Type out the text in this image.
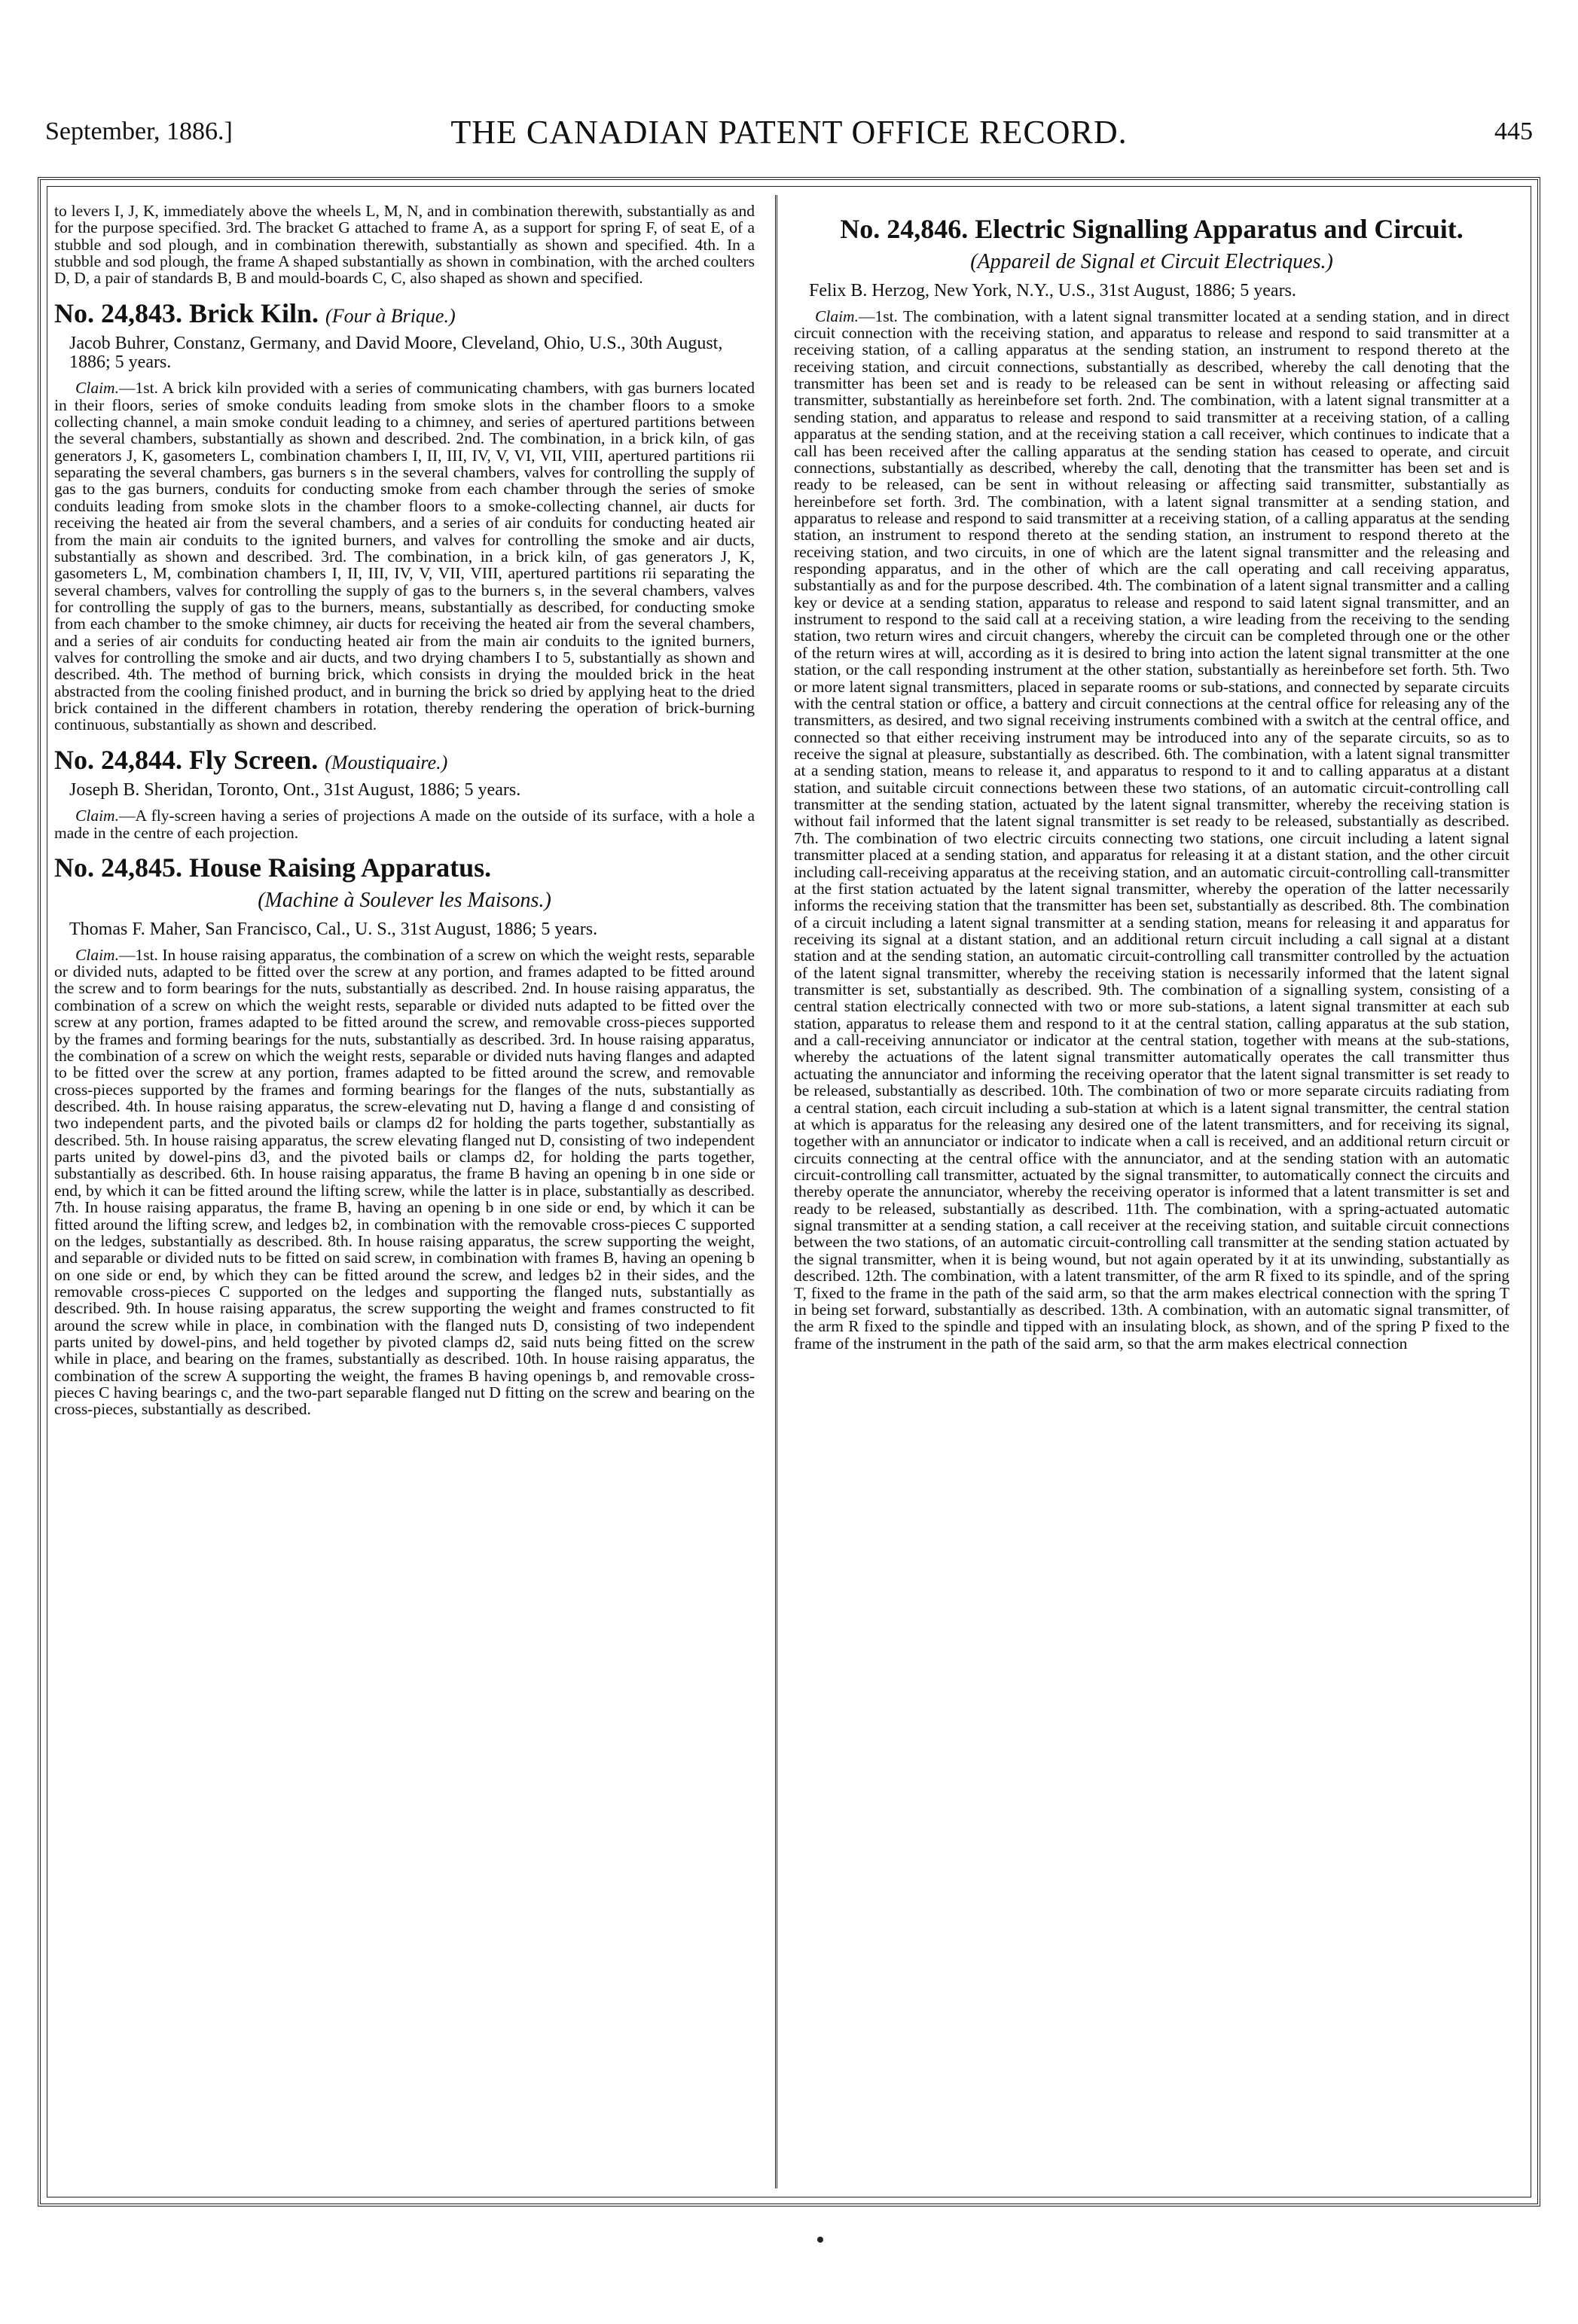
September, 1886.]	THE CANADIAN PATENT OFFICE RECORD.	445

to levers I, J, K, immediately above the wheels L, M, N, and in combination therewith, substantially as and for the purpose specified. 3rd. The bracket G attached to frame A, as a support for spring F, of seat E, of a stubble and sod plough, and in combination therewith, substantially as shown and specified. 4th. In a stubble and sod plough, the frame A shaped substantially as shown in combination, with the arched coulters D, D, a pair of standards B, B and mould-boards C, C, also shaped as shown and specified.

No. 24,843. Brick Kiln. (Four à Brique.)
Jacob Buhrer, Constanz, Germany, and David Moore, Cleveland, Ohio, U.S., 30th August, 1886; 5 years.

Claim.—1st. A brick kiln provided with a series of communicating chambers, with gas burners located in their floors, series of smoke conduits leading from smoke slots in the chamber floors to a smoke collecting channel, a main smoke conduit leading to a chimney, and series of apertured partitions between the several chambers, substantially as shown and described. 2nd. The combination, in a brick kiln, of gas generators J, K, gasometers L, combination chambers I, II, III, IV, V, VI, VII, VIII, apertured partitions rii separating the several chambers, gas burners s in the several chambers, valves for controlling the supply of gas to the gas burners, conduits for conducting smoke from each chamber through the series of smoke conduits leading from smoke slots in the chamber floors to a smoke-collecting channel, air ducts for receiving the heated air from the several chambers, and a series of air conduits for conducting heated air from the main air conduits to the ignited burners, and valves for controlling the smoke and air ducts, substantially as shown and described. 3rd. The combination, in a brick kiln, of gas generators J, K, gasometers L, M, combination chambers I, II, III, IV, V, VII, VIII, apertured partitions rii separating the several chambers, valves for controlling the supply of gas to the burners s, in the several chambers, valves for controlling the supply of gas to the burners, means, substantially as described, for conducting smoke from each chamber to the smoke chimney, air ducts for receiving the heated air from the several chambers, and a series of air conduits for conducting heated air from the main air conduits to the ignited burners, valves for controlling the smoke and air ducts, and two drying chambers I to 5, substantially as shown and described. 4th. The method of burning brick, which consists in drying the moulded brick in the heat abstracted from the cooling finished product, and in burning the brick so dried by applying heat to the dried brick contained in the different chambers in rotation, thereby rendering the operation of brick-burning continuous, substantially as shown and described.

No. 24,844. Fly Screen. (Moustiquaire.)
Joseph B. Sheridan, Toronto, Ont., 31st August, 1886; 5 years.

Claim.—A fly-screen having a series of projections A made on the outside of its surface, with a hole a made in the centre of each projection.

No. 24,845. House Raising Apparatus.
(Machine à Soulever les Maisons.)
Thomas F. Maher, San Francisco, Cal., U. S., 31st August, 1886; 5 years.

Claim.—1st. In house raising apparatus, the combination of a screw on which the weight rests, separable or divided nuts, adapted to be fitted over the screw at any portion, and frames adapted to be fitted around the screw and to form bearings for the nuts, substantially as described. 2nd. In house raising apparatus, the combination of a screw on which the weight rests, separable or divided nuts adapted to be fitted over the screw at any portion, frames adapted to be fitted around the screw, and removable cross-pieces supported by the frames and forming bearings for the nuts, substantially as described. 3rd. In house raising apparatus, the combination of a screw on which the weight rests, separable or divided nuts having flanges and adapted to be fitted over the screw at any portion, frames adapted to be fitted around the screw, and removable cross-pieces supported by the frames and forming bearings for the flanges of the nuts, substantially as described. 4th. In house raising apparatus, the screw-elevating nut D, having a flange d and consisting of two independent parts, and the pivoted bails or clamps d2 for holding the parts together, substantially as described. 5th. In house raising apparatus, the screw elevating flanged nut D, consisting of two independent parts united by dowel-pins d3, and the pivoted bails or clamps d2, for holding the parts together, substantially as described. 6th. In house raising apparatus, the frame B having an opening b in one side or end, by which it can be fitted around the lifting screw, while the latter is in place, substantially as described. 7th. In house raising apparatus, the frame B, having an opening b in one side or end, by which it can be fitted around the lifting screw, and ledges b2, in combination with the removable cross-pieces C supported on the ledges, substantially as described. 8th. In house raising apparatus, the screw supporting the weight, and separable or divided nuts to be fitted on said screw, in combination with frames B, having an opening b on one side or end, by which they can be fitted around the screw, and ledges b2 in their sides, and the removable cross-pieces C supported on the ledges and supporting the flanged nuts, substantially as described. 9th. In house raising apparatus, the screw supporting the weight and frames constructed to fit around the screw while in place, in combination with the flanged nuts D, consisting of two independent parts united by dowel-pins, and held together by pivoted clamps d2, said nuts being fitted on the screw while in place, and bearing on the frames, substantially as described. 10th. In house raising apparatus, the combination of the screw A supporting the weight, the frames B having openings b, and removable cross-pieces C having bearings c, and the two-part separable flanged nut D fitting on the screw and bearing on the cross-pieces, substantially as described.

No. 24,846. Electric Signalling Apparatus and Circuit.
(Appareil de Signal et Circuit Electriques.)
Felix B. Herzog, New York, N.Y., U.S., 31st August, 1886; 5 years.

Claim.—1st. The combination, with a latent signal transmitter located at a sending station, and in direct circuit connection with the receiving station, and apparatus to release and respond to said transmitter at a receiving station, of a calling apparatus at the sending station, an instrument to respond thereto at the receiving station, and circuit connections, substantially as described, whereby the call denoting that the transmitter has been set and is ready to be released can be sent in without releasing or affecting said transmitter, substantially as hereinbefore set forth. 2nd. The combination, with a latent signal transmitter at a sending station, and apparatus to release and respond to said transmitter at a receiving station, of a calling apparatus at the sending station, and at the receiving station a call receiver, which continues to indicate that a call has been received after the calling apparatus at the sending station has ceased to operate, and circuit connections, substantially as described, whereby the call, denoting that the transmitter has been set and is ready to be released, can be sent in without releasing or affecting said transmitter, substantially as hereinbefore set forth. 3rd. The combination, with a latent signal transmitter at a sending station, and apparatus to release and respond to said transmitter at a receiving station, of a calling apparatus at the sending station, an instrument to respond thereto at the sending station, an instrument to respond thereto at the receiving station, and two circuits, in one of which are the latent signal transmitter and the releasing and responding apparatus, and in the other of which are the call operating and call receiving apparatus, substantially as and for the purpose described. 4th. The combination of a latent signal transmitter and a calling key or device at a sending station, apparatus to release and respond to said latent signal transmitter, and an instrument to respond to the said call at a receiving station, a wire leading from the receiving to the sending station, two return wires and circuit changers, whereby the circuit can be completed through one or the other of the return wires at will, according as it is desired to bring into action the latent signal transmitter at the one station, or the call responding instrument at the other station, substantially as hereinbefore set forth. 5th. Two or more latent signal transmitters, placed in separate rooms or sub-stations, and connected by separate circuits with the central station or office, a battery and circuit connections at the central office for releasing any of the transmitters, as desired, and two signal receiving instruments combined with a switch at the central office, and connected so that either receiving instrument may be introduced into any of the separate circuits, so as to receive the signal at pleasure, substantially as described. 6th. The combination, with a latent signal transmitter at a sending station, means to release it, and apparatus to respond to it and to calling apparatus at a distant station, and suitable circuit connections between these two stations, of an automatic circuit-controlling call transmitter at the sending station, actuated by the latent signal transmitter, whereby the receiving station is without fail informed that the latent signal transmitter is set ready to be released, substantially as described. 7th. The combination of two electric circuits connecting two stations, one circuit including a latent signal transmitter placed at a sending station, and apparatus for releasing it at a distant station, and the other circuit including call-receiving apparatus at the receiving station, and an automatic circuit-controlling call-transmitter at the first station actuated by the latent signal transmitter, whereby the operation of the latter necessarily informs the receiving station that the transmitter has been set, substantially as described. 8th. The combination of a circuit including a latent signal transmitter at a sending station, means for releasing it and apparatus for receiving its signal at a distant station, and an additional return circuit including a call signal at a distant station and at the sending station, an automatic circuit-controlling call transmitter controlled by the actuation of the latent signal transmitter, whereby the receiving station is necessarily informed that the latent signal transmitter is set, substantially as described. 9th. The combination of a signalling system, consisting of a central station electrically connected with two or more sub-stations, a latent signal transmitter at each sub station, apparatus to release them and respond to it at the central station, calling apparatus at the sub station, and a call-receiving annunciator or indicator at the central station, together with means at the sub-stations, whereby the actuations of the latent signal transmitter automatically operates the call transmitter thus actuating the annunciator and informing the receiving operator that the latent signal transmitter is set ready to be released, substantially as described. 10th. The combination of two or more separate circuits radiating from a central station, each circuit including a sub-station at which is a latent signal transmitter, the central station at which is apparatus for the releasing any desired one of the latent transmitters, and for receiving its signal, together with an annunciator or indicator to indicate when a call is received, and an additional return circuit or circuits connecting at the central office with the annunciator, and at the sending station with an automatic circuit-controlling call transmitter, actuated by the signal transmitter, to automatically connect the circuits and thereby operate the annunciator, whereby the receiving operator is informed that a latent transmitter is set and ready to be released, substantially as described. 11th. The combination, with a spring-actuated automatic signal transmitter at a sending station, a call receiver at the receiving station, and suitable circuit connections between the two stations, of an automatic circuit-controlling call transmitter at the sending station actuated by the signal transmitter, when it is being wound, but not again operated by it at its unwinding, substantially as described. 12th. The combination, with a latent transmitter, of the arm R fixed to its spindle, and of the spring T, fixed to the frame in the path of the said arm, so that the arm makes electrical connection with the spring T in being set forward, substantially as described. 13th. A combination, with an automatic signal transmitter, of the arm R fixed to the spindle and tipped with an insulating block, as shown, and of the spring P fixed to the frame of the instrument in the path of the said arm, so that the arm makes electrical connection
